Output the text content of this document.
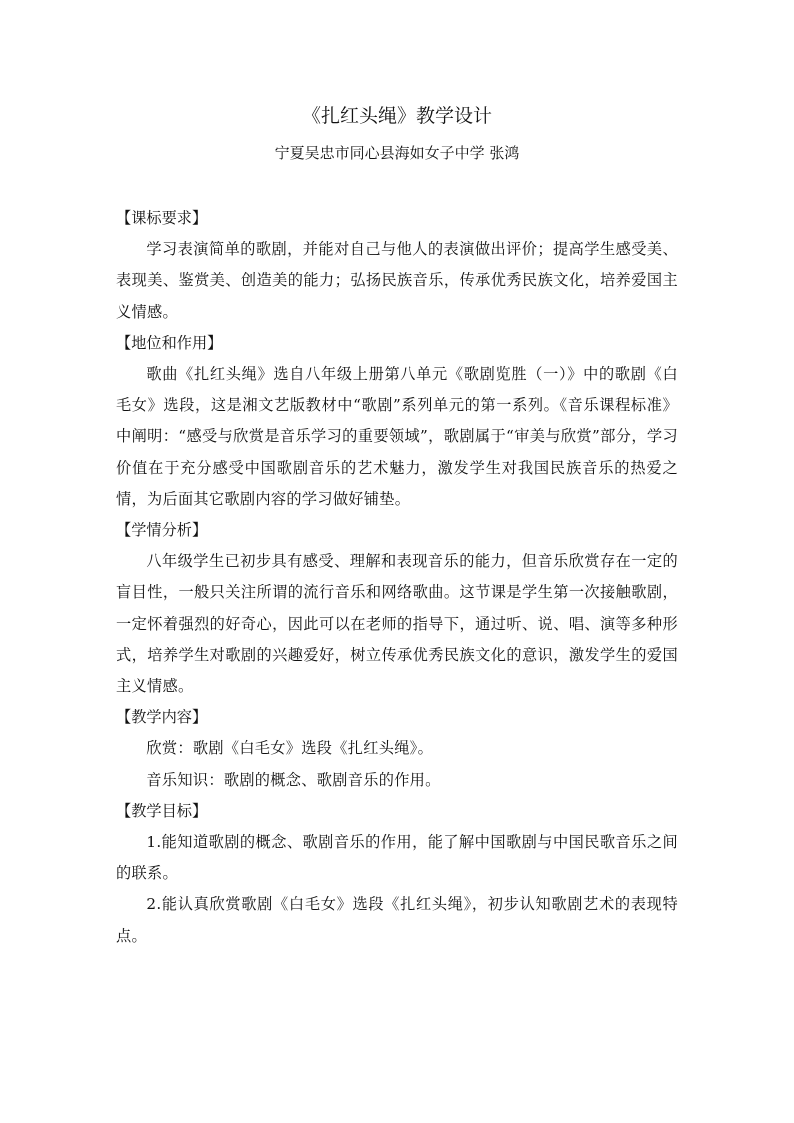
《扎红头绳》教学设计

宁夏吴忠市同心县海如女子中学 张鸿

【课标要求】

学习表演简单的歌剧，并能对自己与他人的表演做出评价；提高学生感受美、表现美、鉴赏美、创造美的能力；弘扬民族音乐，传承优秀民族文化，培养爱国主义情感。

【地位和作用】

歌曲《扎红头绳》选自八年级上册第八单元《歌剧览胜（一）》中的歌剧《白毛女》选段，这是湘文艺版教材中“歌剧”系列单元的第一系列。《音乐课程标准》中阐明：“感受与欣赏是音乐学习的重要领域”，歌剧属于“审美与欣赏”部分，学习价值在于充分感受中国歌剧音乐的艺术魅力，激发学生对我国民族音乐的热爱之情，为后面其它歌剧内容的学习做好铺垫。

【学情分析】

八年级学生已初步具有感受、理解和表现音乐的能力，但音乐欣赏存在一定的盲目性，一般只关注所谓的流行音乐和网络歌曲。这节课是学生第一次接触歌剧，一定怀着强烈的好奇心，因此可以在老师的指导下，通过听、说、唱、演等多种形式，培养学生对歌剧的兴趣爱好，树立传承优秀民族文化的意识，激发学生的爱国主义情感。

【教学内容】

欣赏：歌剧《白毛女》选段《扎红头绳》。

音乐知识：歌剧的概念、歌剧音乐的作用。

【教学目标】

1.能知道歌剧的概念、歌剧音乐的作用，能了解中国歌剧与中国民歌音乐之间的联系。

2.能认真欣赏歌剧《白毛女》选段《扎红头绳》，初步认知歌剧艺术的表现特点。
